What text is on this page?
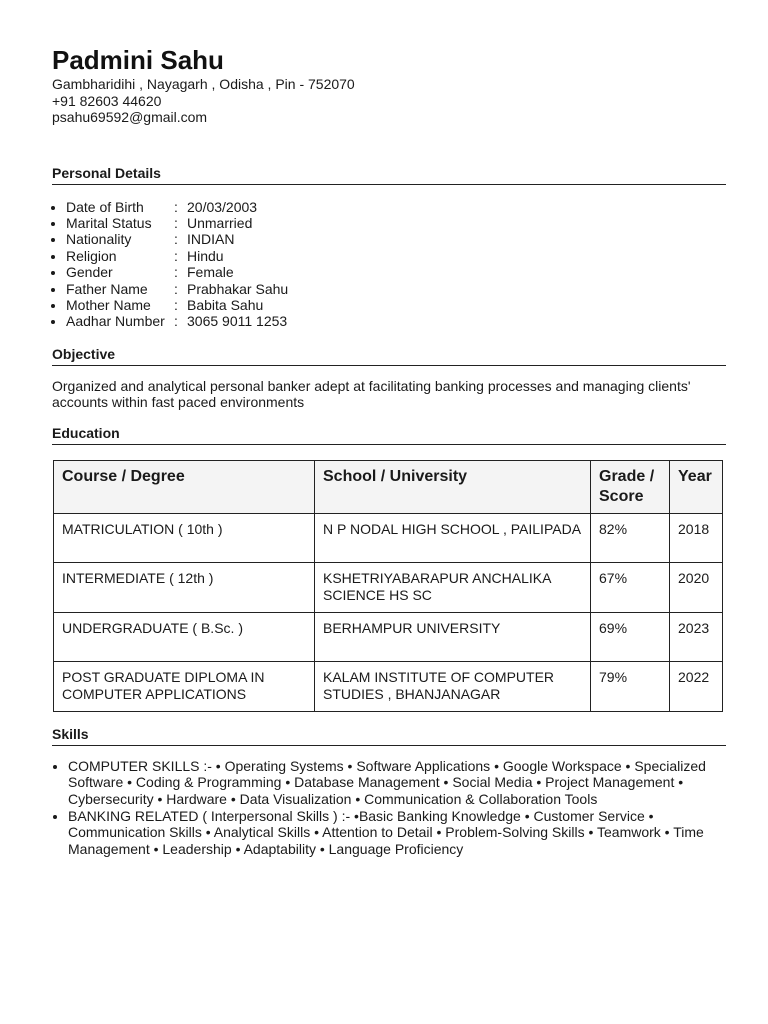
Padmini Sahu
Gambharidihi , Nayagarh , Odisha , Pin - 752070
+91 82603 44620
psahu69592@gmail.com
Personal Details
• Date of Birth : 20/03/2003
• Marital Status : Unmarried
• Nationality	: INDIAN
• Religion	: Hindu
• Gender	: Female
• Father Name : Prabhakar Sahu
• Mother Name : Babita Sahu
• Aadhar Number : 3065 9011 1253
Objective
Organized and analytical personal banker adept at facilitating banking processes and managing clients' accounts within fast paced environments
Education
Course / Degree	School / University	Grade / Score	Year
MATRICULATION ( 10th )	N P NODAL HIGH SCHOOL , PAILIPADA	82%	2018
INTERMEDIATE ( 12th )	KSHETRIYABARAPUR ANCHALIKA SCIENCE HS SC	67%	2020
UNDERGRADUATE ( B.Sc. )	BERHAMPUR UNIVERSITY	69%	2023
POST GRADUATE DIPLOMA IN COMPUTER APPLICATIONS	KALAM INSTITUTE OF COMPUTER STUDIES , BHANJANAGAR	79%	2022
Skills
• COMPUTER SKILLS :- • Operating Systems • Software Applications • Google Workspace • Specialized Software • Coding & Programming • Database Management • Social Media • Project Management • Cybersecurity • Hardware • Data Visualization • Communication & Collaboration Tools
• BANKING RELATED ( Interpersonal Skills ) :- •Basic Banking Knowledge • Customer Service • Communication Skills • Analytical Skills • Attention to Detail • Problem-Solving Skills • Teamwork • Time Management • Leadership • Adaptability • Language Proficiency
